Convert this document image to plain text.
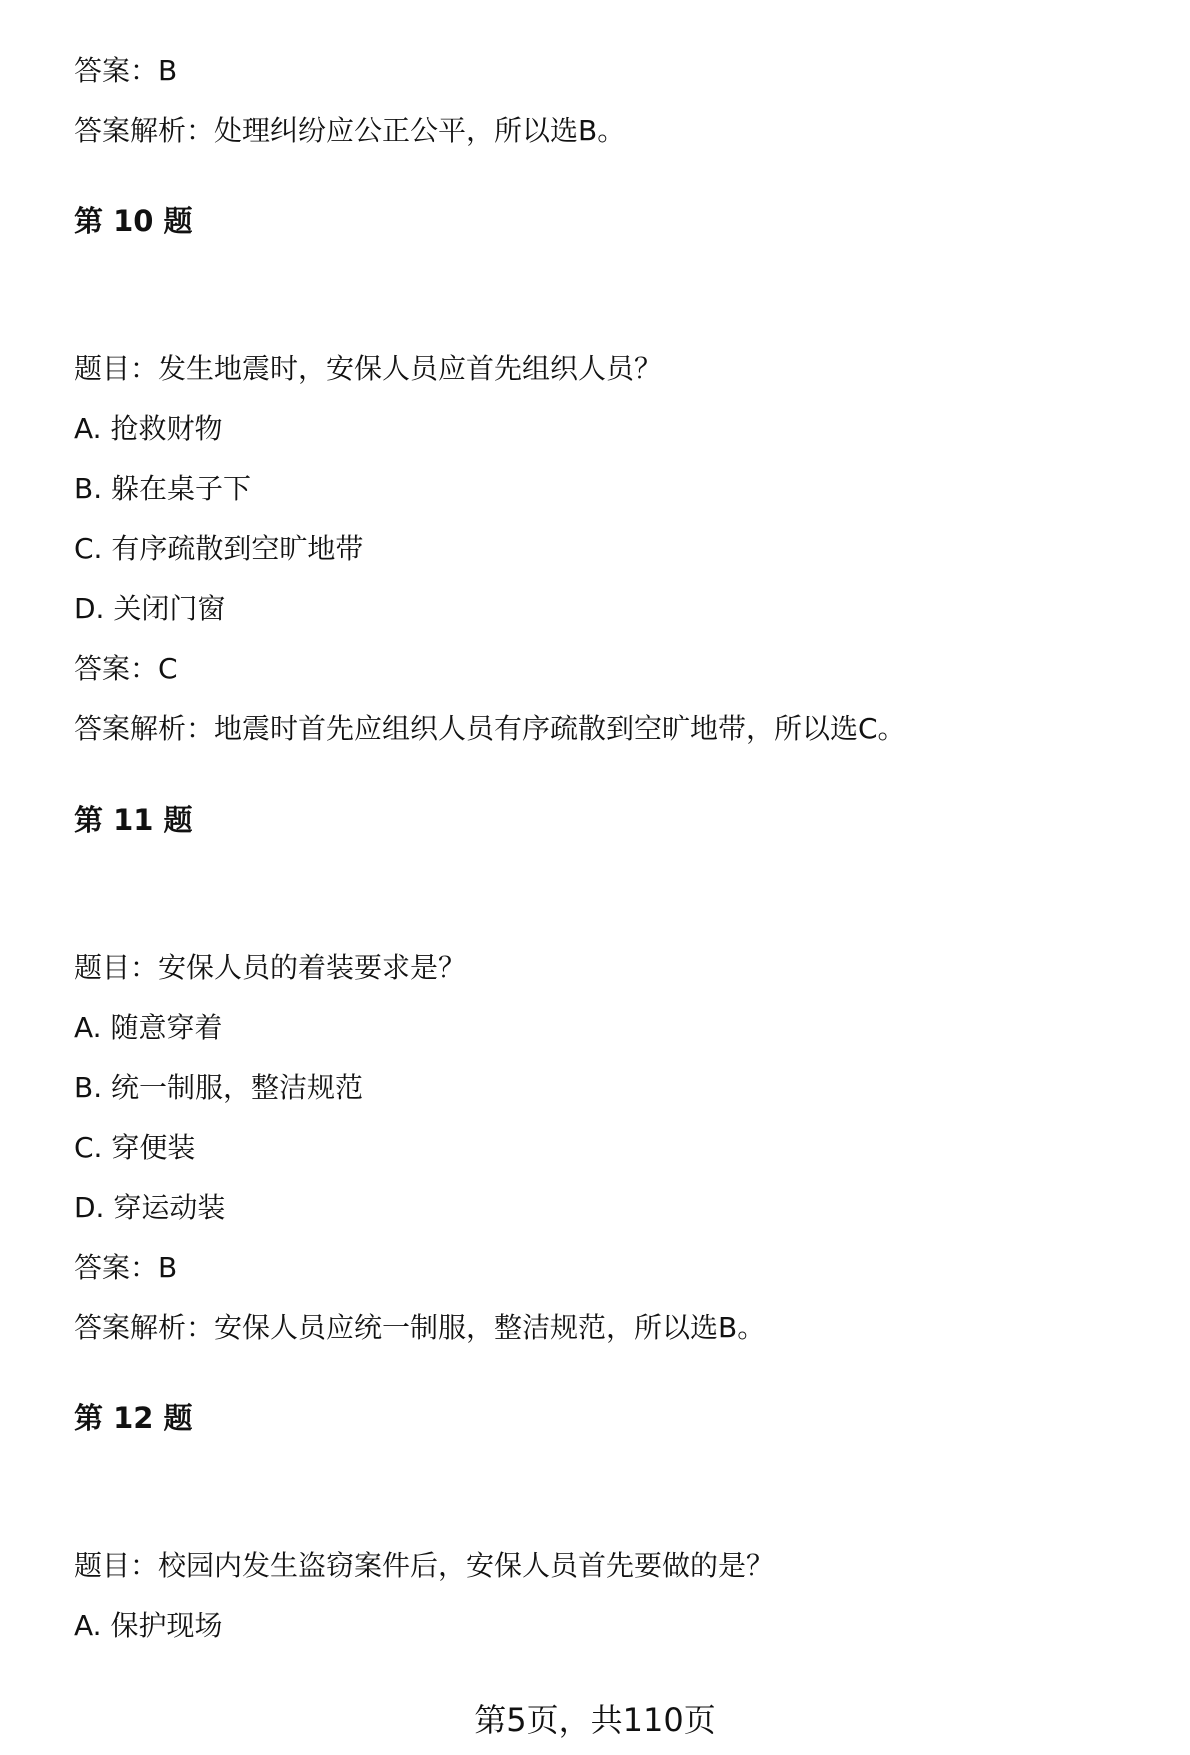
答案：B
答案解析：处理纠纷应公正公平，所以选B。
第 10 题
题目：发生地震时，安保人员应首先组织人员？
A. 抢救财物
B. 躲在桌子下
C. 有序疏散到空旷地带
D. 关闭门窗
答案：C
答案解析：地震时首先应组织人员有序疏散到空旷地带，所以选C。
第 11 题
题目：安保人员的着装要求是？
A. 随意穿着
B. 统一制服，整洁规范
C. 穿便装
D. 穿运动装
答案：B
答案解析：安保人员应统一制服，整洁规范，所以选B。
第 12 题
题目：校园内发生盗窃案件后，安保人员首先要做的是？
A. 保护现场
第5页，共110页
